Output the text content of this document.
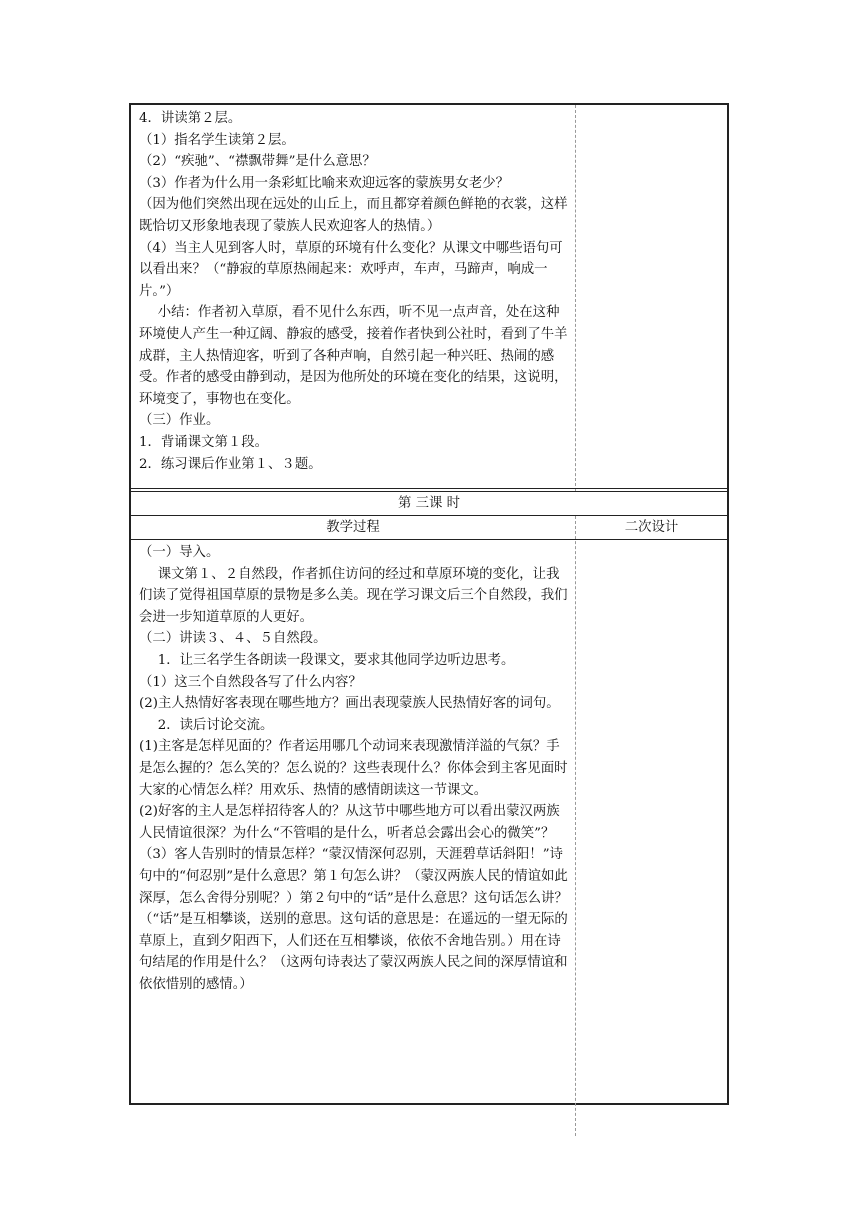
4．讲读第２层。

（1）指名学生读第２层。

（2）“疾驰”、“襟飘带舞”是什么意思？

（3）作者为什么用一条彩虹比喻来欢迎远客的蒙族男女老少？

（因为他们突然出现在远处的山丘上，而且都穿着颜色鲜艳的衣裳，这样既恰切又形象地表现了蒙族人民欢迎客人的热情。）

（4）当主人见到客人时，草原的环境有什么变化？从课文中哪些语句可以看出来？（“静寂的草原热闹起来：欢呼声，车声，马蹄声，响成一片。”）

小结：作者初入草原，看不见什么东西，听不见一点声音，处在这种环境使人产生一种辽阔、静寂的感受，接着作者快到公社时，看到了牛羊成群，主人热情迎客，听到了各种声响，自然引起一种兴旺、热闹的感受。作者的感受由静到动，是因为他所处的环境在变化的结果，这说明，环境变了，事物也在变化。

（三）作业。

1．背诵课文第１段。

2．练习课后作业第１、３题。

第 三课 时
教学过程	二次设计

（一）导入。

课文第１、２自然段，作者抓住访问的经过和草原环境的变化，让我们读了觉得祖国草原的景物是多么美。现在学习课文后三个自然段，我们会进一步知道草原的人更好。

（二）讲读３、４、５自然段。

1．让三名学生各朗读一段课文，要求其他同学边听边思考。

（1）这三个自然段各写了什么内容？

(2)主人热情好客表现在哪些地方？画出表现蒙族人民热情好客的词句。

2．读后讨论交流。

(1)主客是怎样见面的？作者运用哪几个动词来表现激情洋溢的气氛？手是怎么握的？怎么笑的？怎么说的？这些表现什么？你体会到主客见面时大家的心情怎么样？用欢乐、热情的感情朗读这一节课文。

(2)好客的主人是怎样招待客人的？从这节中哪些地方可以看出蒙汉两族人民情谊很深？为什么“不管唱的是什么，听者总会露出会心的微笑”？

（3）客人告别时的情景怎样？“蒙汉情深何忍别，天涯碧草话斜阳！”诗句中的“何忍别”是什么意思？第１句怎么讲？（蒙汉两族人民的情谊如此深厚，怎么舍得分别呢？）第２句中的“话”是什么意思？这句话怎么讲？（“话”是互相攀谈，送别的意思。这句话的意思是：在遥远的一望无际的草原上，直到夕阳西下，人们还在互相攀谈，依依不舍地告别。）用在诗句结尾的作用是什么？（这两句诗表达了蒙汉两族人民之间的深厚情谊和依依惜别的感情。）
